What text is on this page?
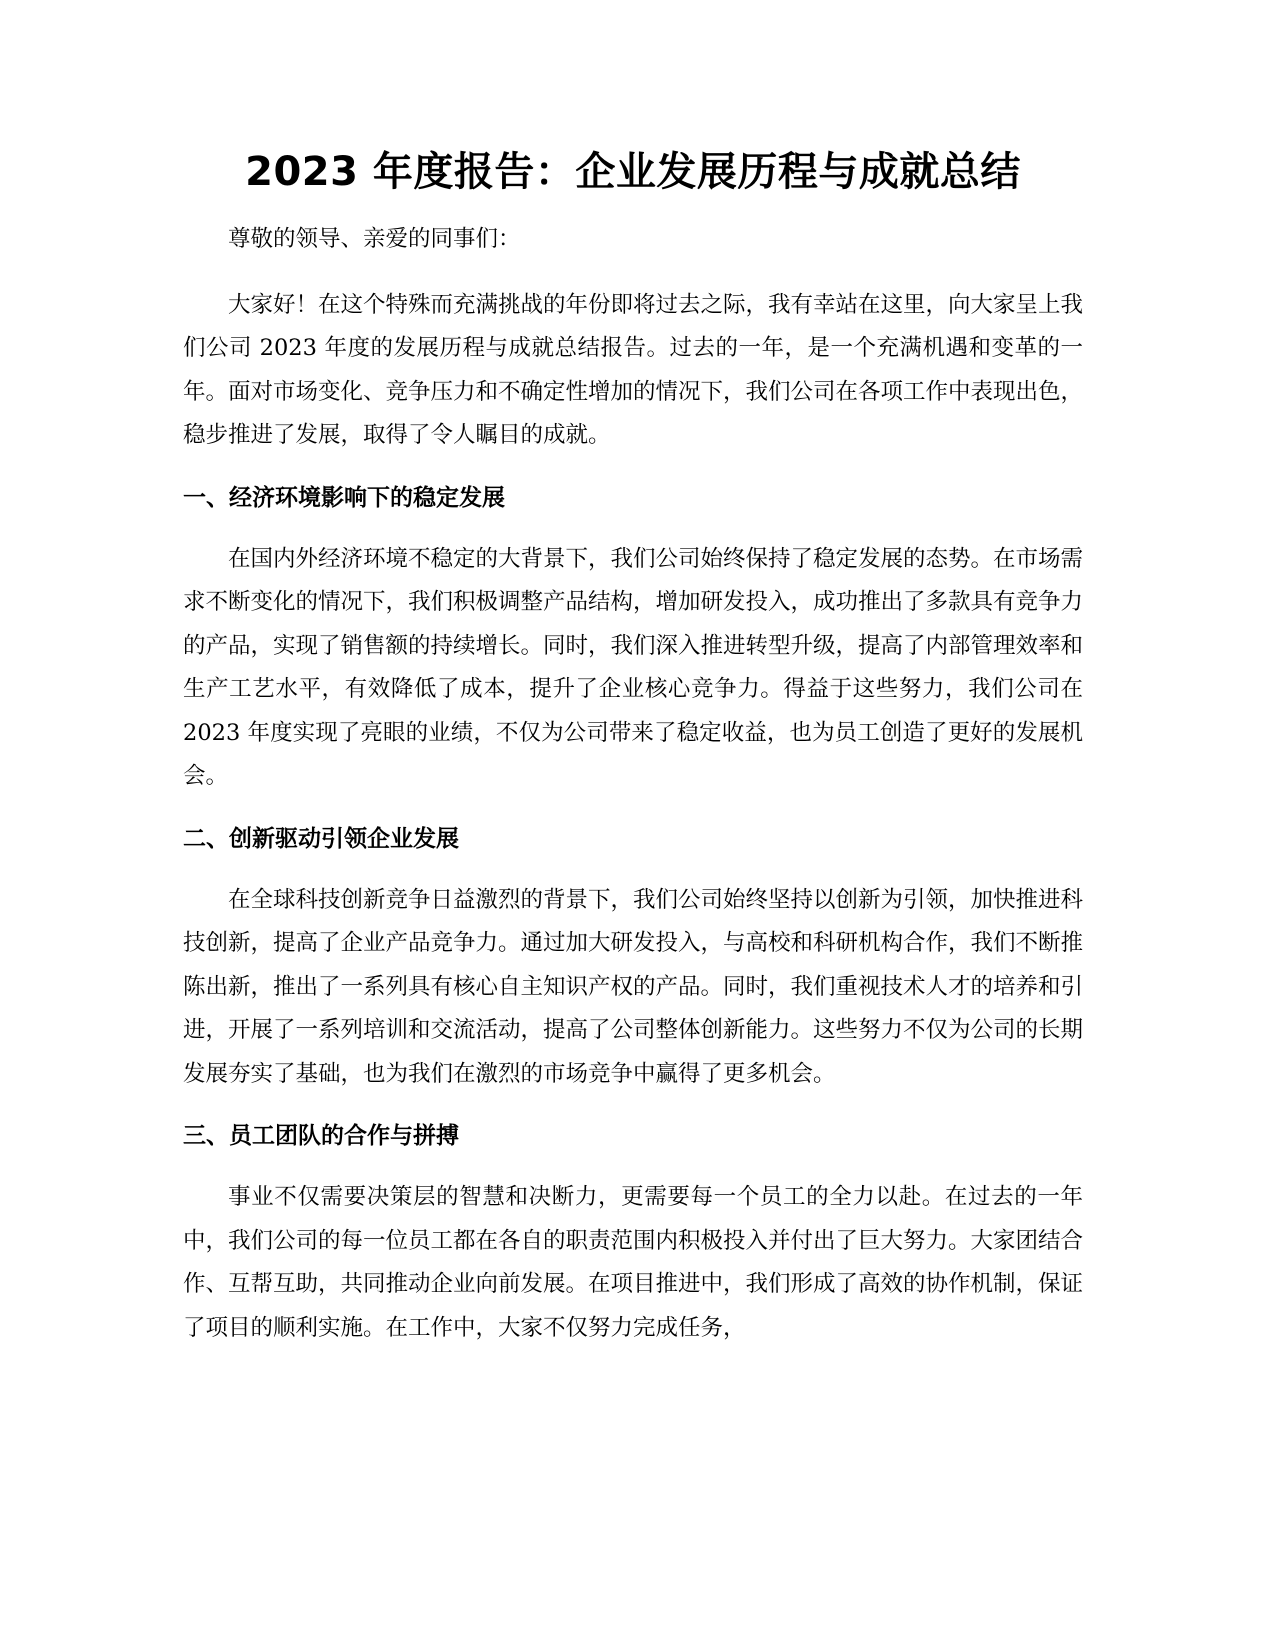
2023 年度报告：企业发展历程与成就总结

尊敬的领导、亲爱的同事们：

大家好！在这个特殊而充满挑战的年份即将过去之际，我有幸站在这里，向大家呈上我们公司 2023 年度的发展历程与成就总结报告。过去的一年，是一个充满机遇和变革的一年。面对市场变化、竞争压力和不确定性增加的情况下，我们公司在各项工作中表现出色，稳步推进了发展，取得了令人瞩目的成就。

一、经济环境影响下的稳定发展

在国内外经济环境不稳定的大背景下，我们公司始终保持了稳定发展的态势。在市场需求不断变化的情况下，我们积极调整产品结构，增加研发投入，成功推出了多款具有竞争力的产品，实现了销售额的持续增长。同时，我们深入推进转型升级，提高了内部管理效率和生产工艺水平，有效降低了成本，提升了企业核心竞争力。得益于这些努力，我们公司在 2023 年度实现了亮眼的业绩，不仅为公司带来了稳定收益，也为员工创造了更好的发展机会。

二、创新驱动引领企业发展

在全球科技创新竞争日益激烈的背景下，我们公司始终坚持以创新为引领，加快推进科技创新，提高了企业产品竞争力。通过加大研发投入，与高校和科研机构合作，我们不断推陈出新，推出了一系列具有核心自主知识产权的产品。同时，我们重视技术人才的培养和引进，开展了一系列培训和交流活动，提高了公司整体创新能力。这些努力不仅为公司的长期发展夯实了基础，也为我们在激烈的市场竞争中赢得了更多机会。

三、员工团队的合作与拼搏

事业不仅需要决策层的智慧和决断力，更需要每一个员工的全力以赴。在过去的一年中，我们公司的每一位员工都在各自的职责范围内积极投入并付出了巨大努力。大家团结合作、互帮互助，共同推动企业向前发展。在项目推进中，我们形成了高效的协作机制，保证了项目的顺利实施。在工作中，大家不仅努力完成任务，
